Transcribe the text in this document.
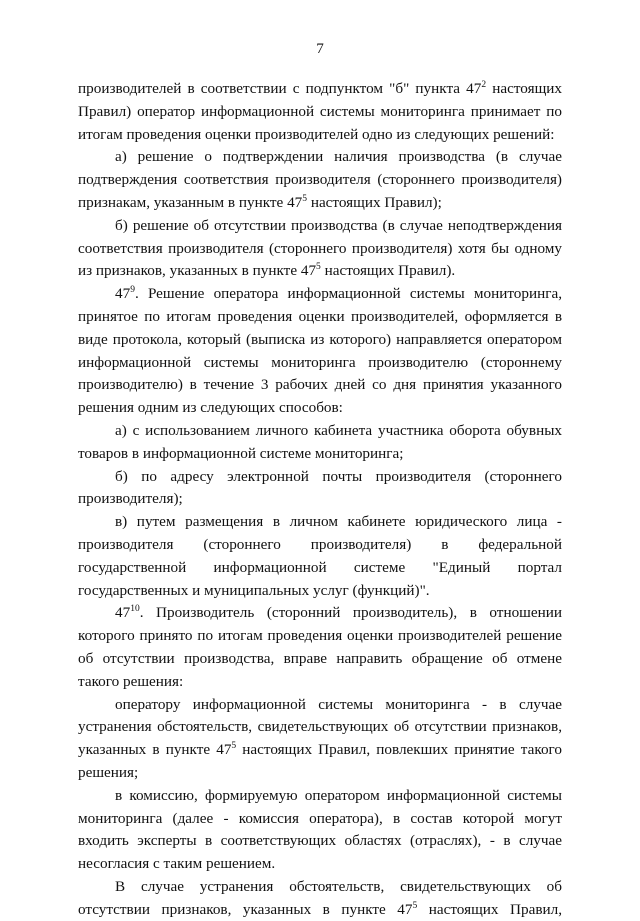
7

производителей в соответствии с подпунктом "б" пункта $47^2$ настоящих Правил) оператор информационной системы мониторинга принимает по итогам проведения оценки производителей одно из следующих решений:

а) решение о подтверждении наличия производства (в случае подтверждения соответствия производителя (стороннего производителя) признакам, указанным в пункте $47^5$ настоящих Правил);

б) решение об отсутствии производства (в случае неподтверждения соответствия производителя (стороннего производителя) хотя бы одному из признаков, указанных в пункте $47^5$ настоящих Правил).

$47^9$. Решение оператора информационной системы мониторинга, принятое по итогам проведения оценки производителей, оформляется в виде протокола, который (выписка из которого) направляется оператором информационной системы мониторинга производителю (стороннему производителю) в течение 3 рабочих дней со дня принятия указанного решения одним из следующих способов:

а) с использованием личного кабинета участника оборота обувных товаров в информационной системе мониторинга;

б) по адресу электронной почты производителя (стороннего производителя);

в) путем размещения в личном кабинете юридического лица - производителя (стороннего производителя) в федеральной государственной информационной системе "Единый портал государственных и муниципальных услуг (функций)".

$47^{10}$. Производитель (сторонний производитель), в отношении которого принято по итогам проведения оценки производителей решение об отсутствии производства, вправе направить обращение об отмене такого решения:

оператору информационной системы мониторинга - в случае устранения обстоятельств, свидетельствующих об отсутствии признаков, указанных в пункте $47^5$ настоящих Правил, повлекших принятие такого решения;

в комиссию, формируемую оператором информационной системы мониторинга (далее - комиссия оператора), в состав которой могут входить эксперты в соответствующих областях (отраслях), - в случае несогласия с таким решением.

В случае устранения обстоятельств, свидетельствующих об отсутствии признаков, указанных в пункте $47^5$ настоящих Правил,
